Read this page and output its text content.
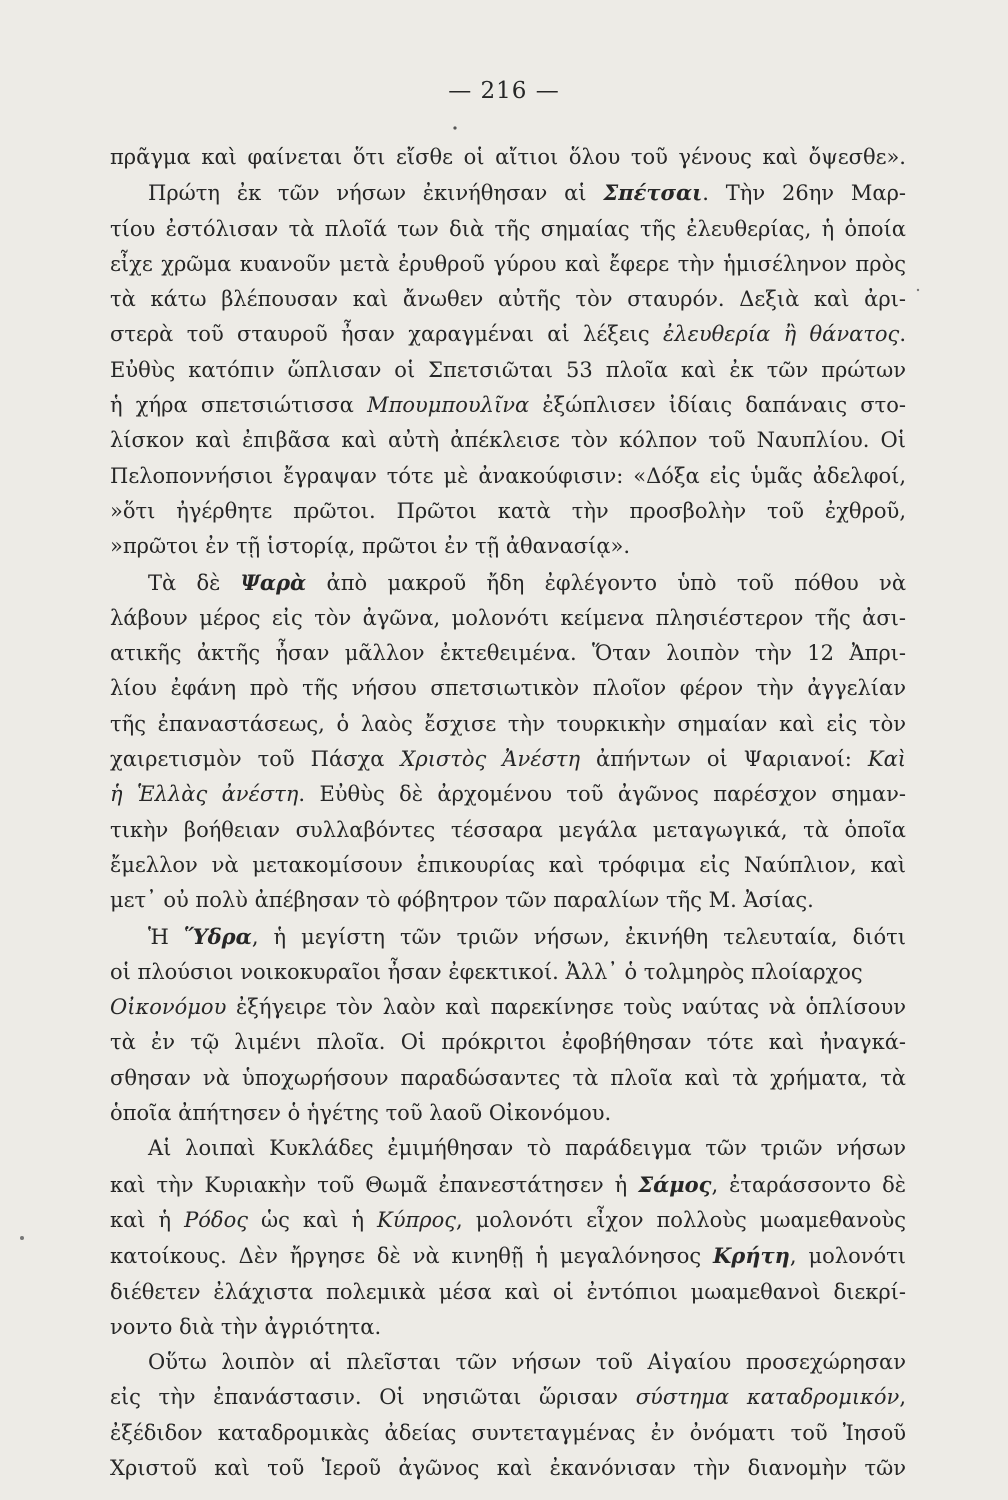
— 216 —
πρᾶγμα καὶ φαίνεται ὅτι εἴσθε οἱ αἴτιοι ὅλου τοῦ γένους καὶ ὄψεσθε».
Πρώτη ἐκ τῶν νήσων ἐκινήθησαν αἱ Σπέτσαι. Τὴν 26ην Μαρ-
τίου ἐστόλισαν τὰ πλοῖά των διὰ τῆς σημαίας τῆς ἐλευθερίας, ἡ ὁποία
εἶχε χρῶμα κυανοῦν μετὰ ἐρυθροῦ γύρου καὶ ἔφερε τὴν ἡμισέληνον πρὸς
τὰ κάτω βλέπουσαν καὶ ἄνωθεν αὐτῆς τὸν σταυρόν. Δεξιὰ καὶ ἀρι-
στερὰ τοῦ σταυροῦ ἦσαν χαραγμέναι αἱ λέξεις ἐλευθερία ἢ θάνατος.
Εὐθὺς κατόπιν ὥπλισαν οἱ Σπετσιῶται 53 πλοῖα καὶ ἐκ τῶν πρώτων
ἡ χήρα σπετσιώτισσα Μπουμπουλῖνα ἐξώπλισεν ἰδίαις δαπάναις στο-
λίσκον καὶ ἐπιβᾶσα καὶ αὐτὴ ἀπέκλεισε τὸν κόλπον τοῦ Ναυπλίου. Οἱ
Πελοποννήσιοι ἔγραψαν τότε μὲ ἀνακούφισιν: «Δόξα εἰς ὑμᾶς ἀδελφοί,
»ὅτι ἠγέρθητε πρῶτοι. Πρῶτοι κατὰ τὴν προσβολὴν τοῦ ἐχθροῦ,
»πρῶτοι ἐν τῇ ἱστορίᾳ, πρῶτοι ἐν τῇ ἀθανασίᾳ».
Τὰ δὲ Ψαρὰ ἀπὸ μακροῦ ἤδη ἐφλέγοντο ὑπὸ τοῦ πόθου νὰ
λάβουν μέρος εἰς τὸν ἀγῶνα, μολονότι κείμενα πλησιέστερον τῆς ἀσι-
ατικῆς ἀκτῆς ἦσαν μᾶλλον ἐκτεθειμένα. Ὅταν λοιπὸν τὴν 12 Ἀπρι-
λίου ἐφάνη πρὸ τῆς νήσου σπετσιωτικὸν πλοῖον φέρον τὴν ἀγγελίαν
τῆς ἐπαναστάσεως, ὁ λαὸς ἔσχισε τὴν τουρκικὴν σημαίαν καὶ εἰς τὸν
χαιρετισμὸν τοῦ Πάσχα Χριστὸς Ἀνέστη ἀπήντων οἱ Ψαριανοί: Καὶ
ἡ Ἑλλὰς ἀνέστη. Εὐθὺς δὲ ἀρχομένου τοῦ ἀγῶνος παρέσχον σημαν-
τικὴν βοήθειαν συλλαβόντες τέσσαρα μεγάλα μεταγωγικά, τὰ ὁποῖα
ἔμελλον νὰ μετακομίσουν ἐπικουρίας καὶ τρόφιμα εἰς Ναύπλιον, καὶ
μετ᾽ οὐ πολὺ ἀπέβησαν τὸ φόβητρον τῶν παραλίων τῆς Μ. Ἀσίας.
Ἡ Ὕδρα, ἡ μεγίστη τῶν τριῶν νήσων, ἐκινήθη τελευταία, διότι
οἱ πλούσιοι νοικοκυραῖοι ἦσαν ἐφεκτικοί. Ἀλλ᾽ ὁ τολμηρὸς πλοίαρχος
Οἰκονόμου ἐξήγειρε τὸν λαὸν καὶ παρεκίνησε τοὺς ναύτας νὰ ὁπλίσουν
τὰ ἐν τῷ λιμένι πλοῖα. Οἱ πρόκριτοι ἐφοβήθησαν τότε καὶ ἠναγκά-
σθησαν νὰ ὑποχωρήσουν παραδώσαντες τὰ πλοῖα καὶ τὰ χρήματα, τὰ
ὁποῖα ἀπήτησεν ὁ ἡγέτης τοῦ λαοῦ Οἰκονόμου.
Αἱ λοιπαὶ Κυκλάδες ἐμιμήθησαν τὸ παράδειγμα τῶν τριῶν νήσων
καὶ τὴν Κυριακὴν τοῦ Θωμᾶ ἐπανεστάτησεν ἡ Σάμος, ἐταράσσοντο δὲ
καὶ ἡ Ρόδος ὡς καὶ ἡ Κύπρος, μολονότι εἶχον πολλοὺς μωαμεθανοὺς
κατοίκους. Δὲν ἤργησε δὲ νὰ κινηθῇ ἡ μεγαλόνησος Κρήτη, μολονότι
διέθετεν ἐλάχιστα πολεμικὰ μέσα καὶ οἱ ἐντόπιοι μωαμεθανοὶ διεκρί-
νοντο διὰ τὴν ἀγριότητα.
Οὕτω λοιπὸν αἱ πλεῖσται τῶν νήσων τοῦ Αἰγαίου προσεχώρησαν
εἰς τὴν ἐπανάστασιν. Οἱ νησιῶται ὥρισαν σύστημα καταδρομικόν,
ἐξέδιδον καταδρομικὰς ἀδείας συντεταγμένας ἐν ὀνόματι τοῦ Ἰησοῦ
Χριστοῦ καὶ τοῦ Ἱεροῦ ἀγῶνος καὶ ἐκανόνισαν τὴν διανομὴν τῶν
